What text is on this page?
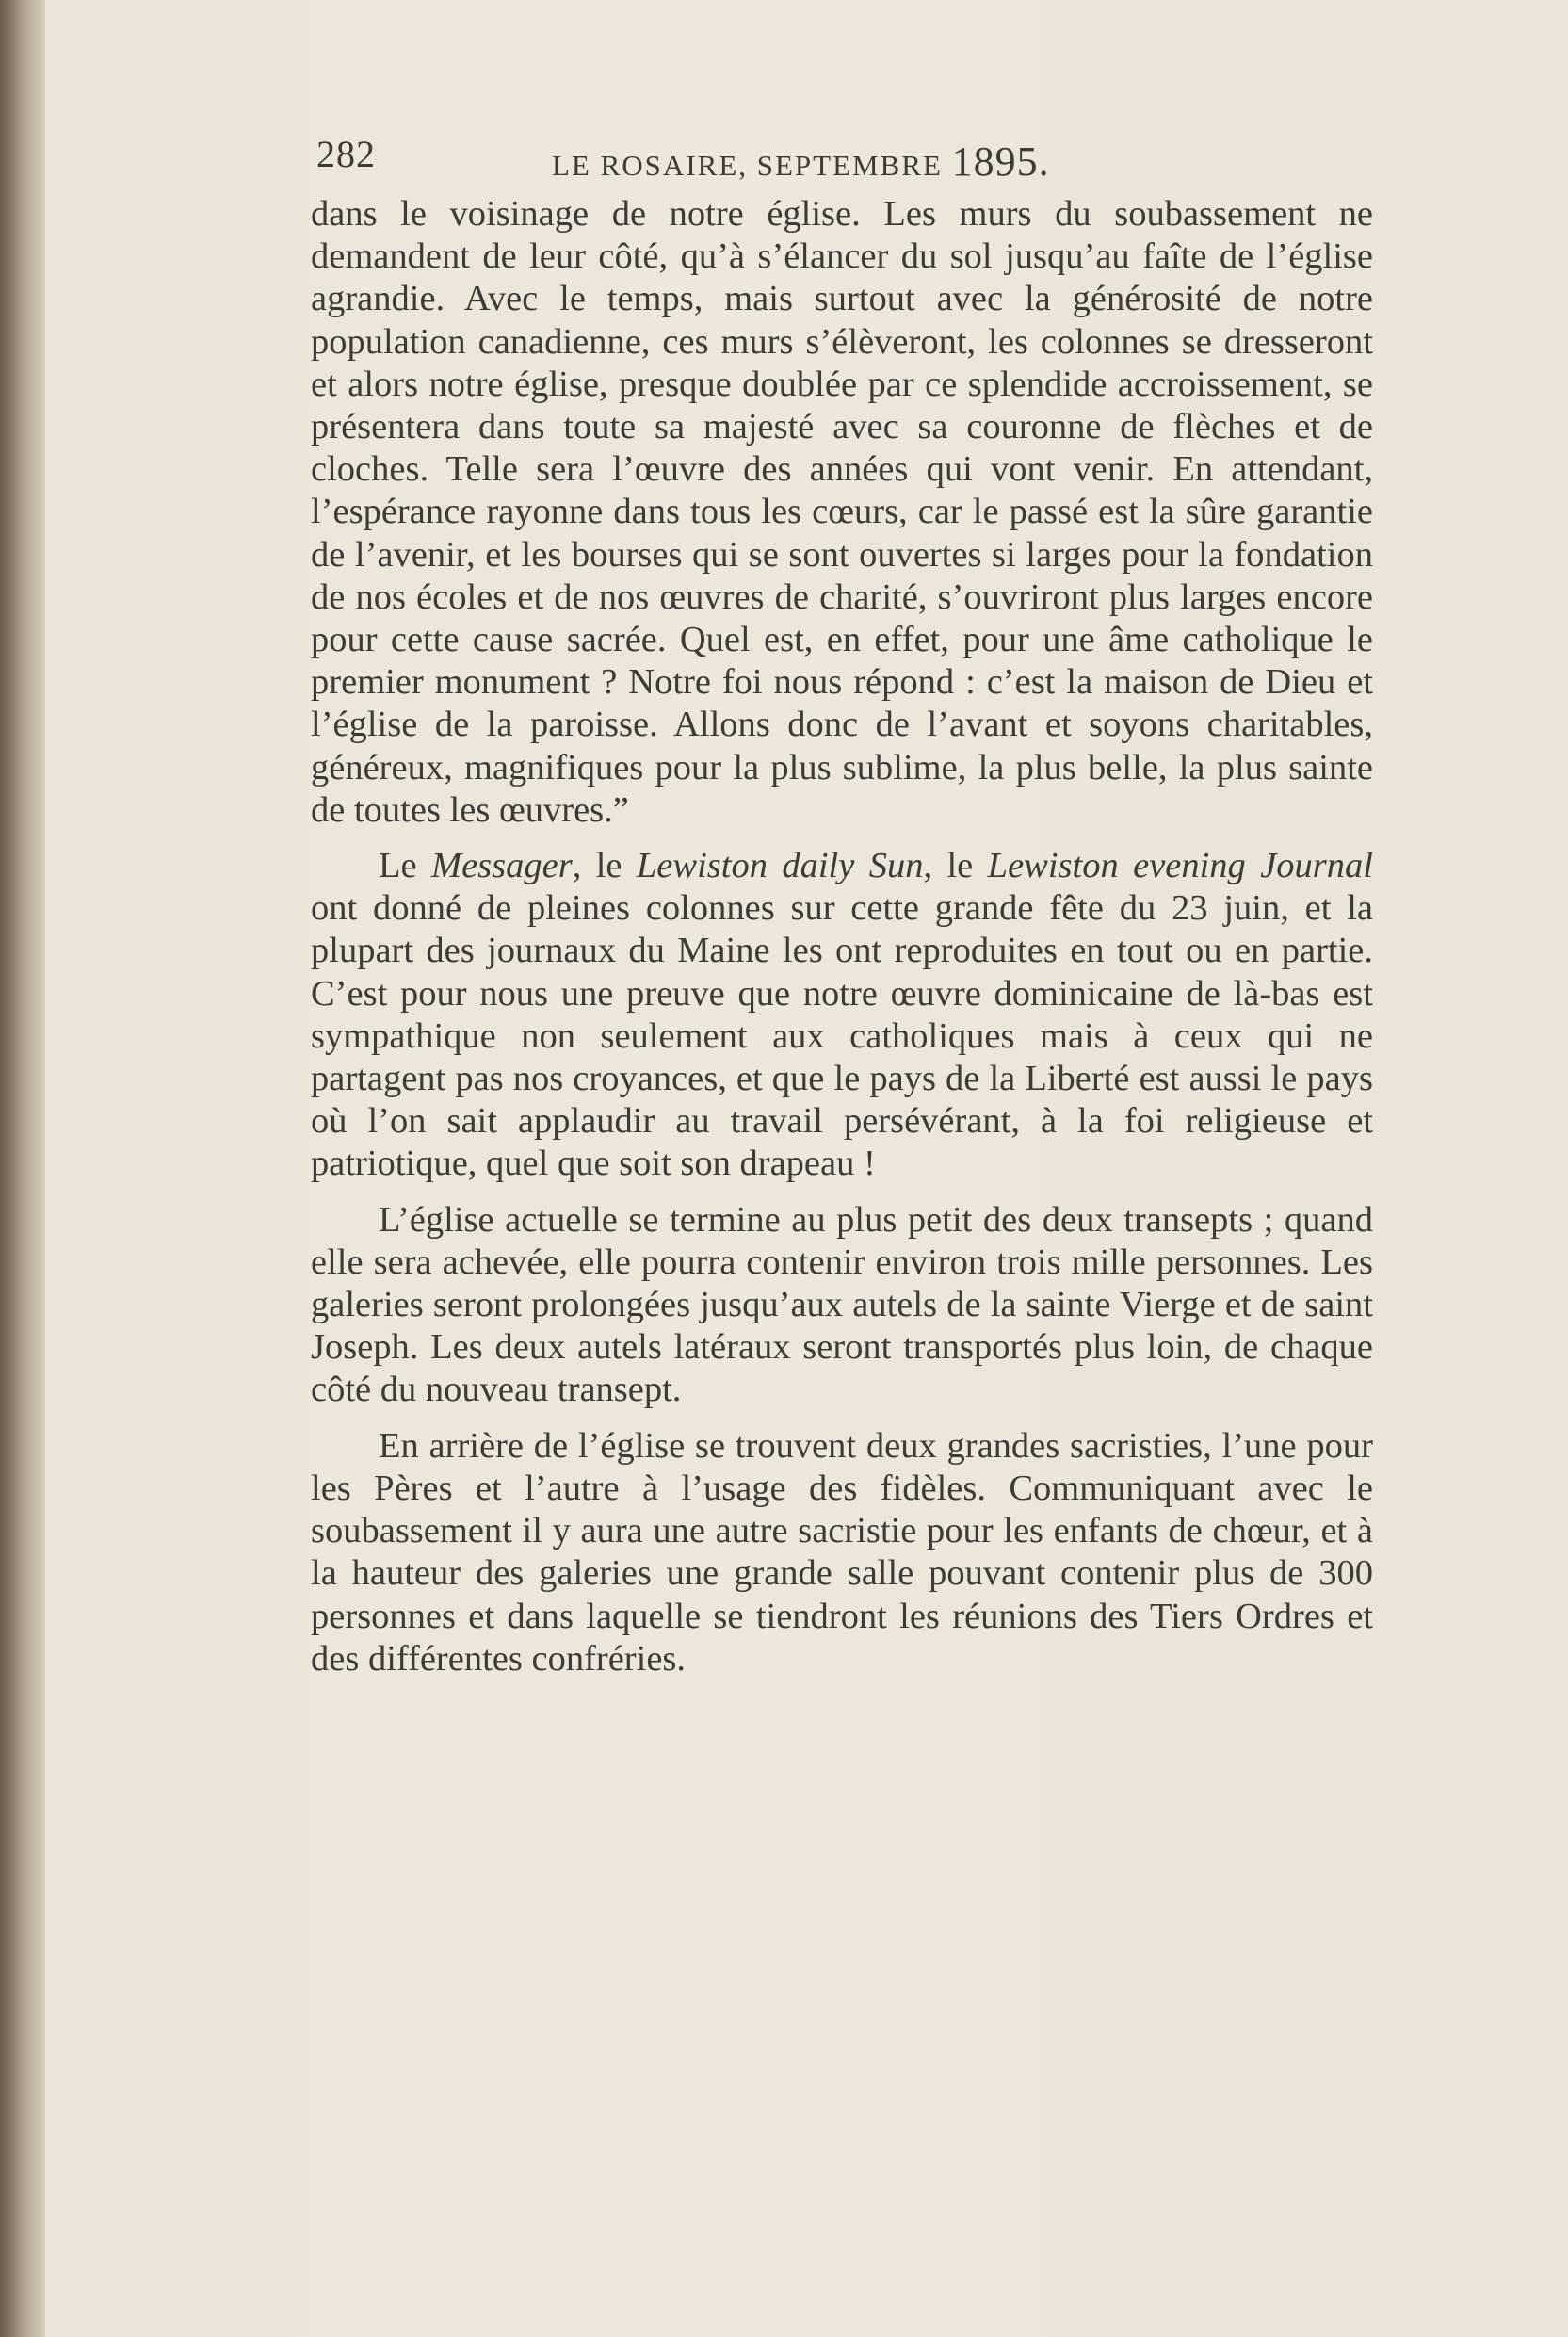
282	LE ROSAIRE, SEPTEMBRE 1895.

dans le voisinage de notre église. Les murs du soubassement ne demandent de leur côté, qu’à s’élancer du sol jusqu’au faîte de l’église agrandie. Avec le temps, mais surtout avec la générosité de notre population canadienne, ces murs s’élèveront, les colonnes se dresseront et alors notre église, presque doublée par ce splendide accroissement, se présentera dans toute sa majesté avec sa couronne de flèches et de cloches. Telle sera l’œuvre des années qui vont venir. En attendant, l’espérance rayonne dans tous les cœurs, car le passé est la sûre garantie de l’avenir, et les bourses qui se sont ouvertes si larges pour la fondation de nos écoles et de nos œuvres de charité, s’ouvriront plus larges encore pour cette cause sacrée. Quel est, en effet, pour une âme catholique le premier monument ? Notre foi nous répond : c’est la maison de Dieu et l’église de la paroisse. Allons donc de l’avant et soyons charitables, généreux, magnifiques pour la plus sublime, la plus belle, la plus sainte de toutes les œuvres.”

Le Messager, le Lewiston daily Sun, le Lewiston evening Journal ont donné de pleines colonnes sur cette grande fête du 23 juin, et la plupart des journaux du Maine les ont reproduites en tout ou en partie. C’est pour nous une preuve que notre œuvre dominicaine de là-bas est sympathique non seulement aux catholiques mais à ceux qui ne partagent pas nos croyances, et que le pays de la Liberté est aussi le pays où l’on sait applaudir au travail persévérant, à la foi religieuse et patriotique, quel que soit son drapeau !

L’église actuelle se termine au plus petit des deux transepts ; quand elle sera achevée, elle pourra contenir environ trois mille personnes. Les galeries seront prolongées jusqu’aux autels de la sainte Vierge et de saint Joseph. Les deux autels latéraux seront transportés plus loin, de chaque côté du nouveau transept.

En arrière de l’église se trouvent deux grandes sacristies, l’une pour les Pères et l’autre à l’usage des fidèles. Communiquant avec le soubassement il y aura une autre sacristie pour les enfants de chœur, et à la hauteur des galeries une grande salle pouvant contenir plus de 300 personnes et dans laquelle se tiendront les réunions des Tiers Ordres et des différentes confréries.
